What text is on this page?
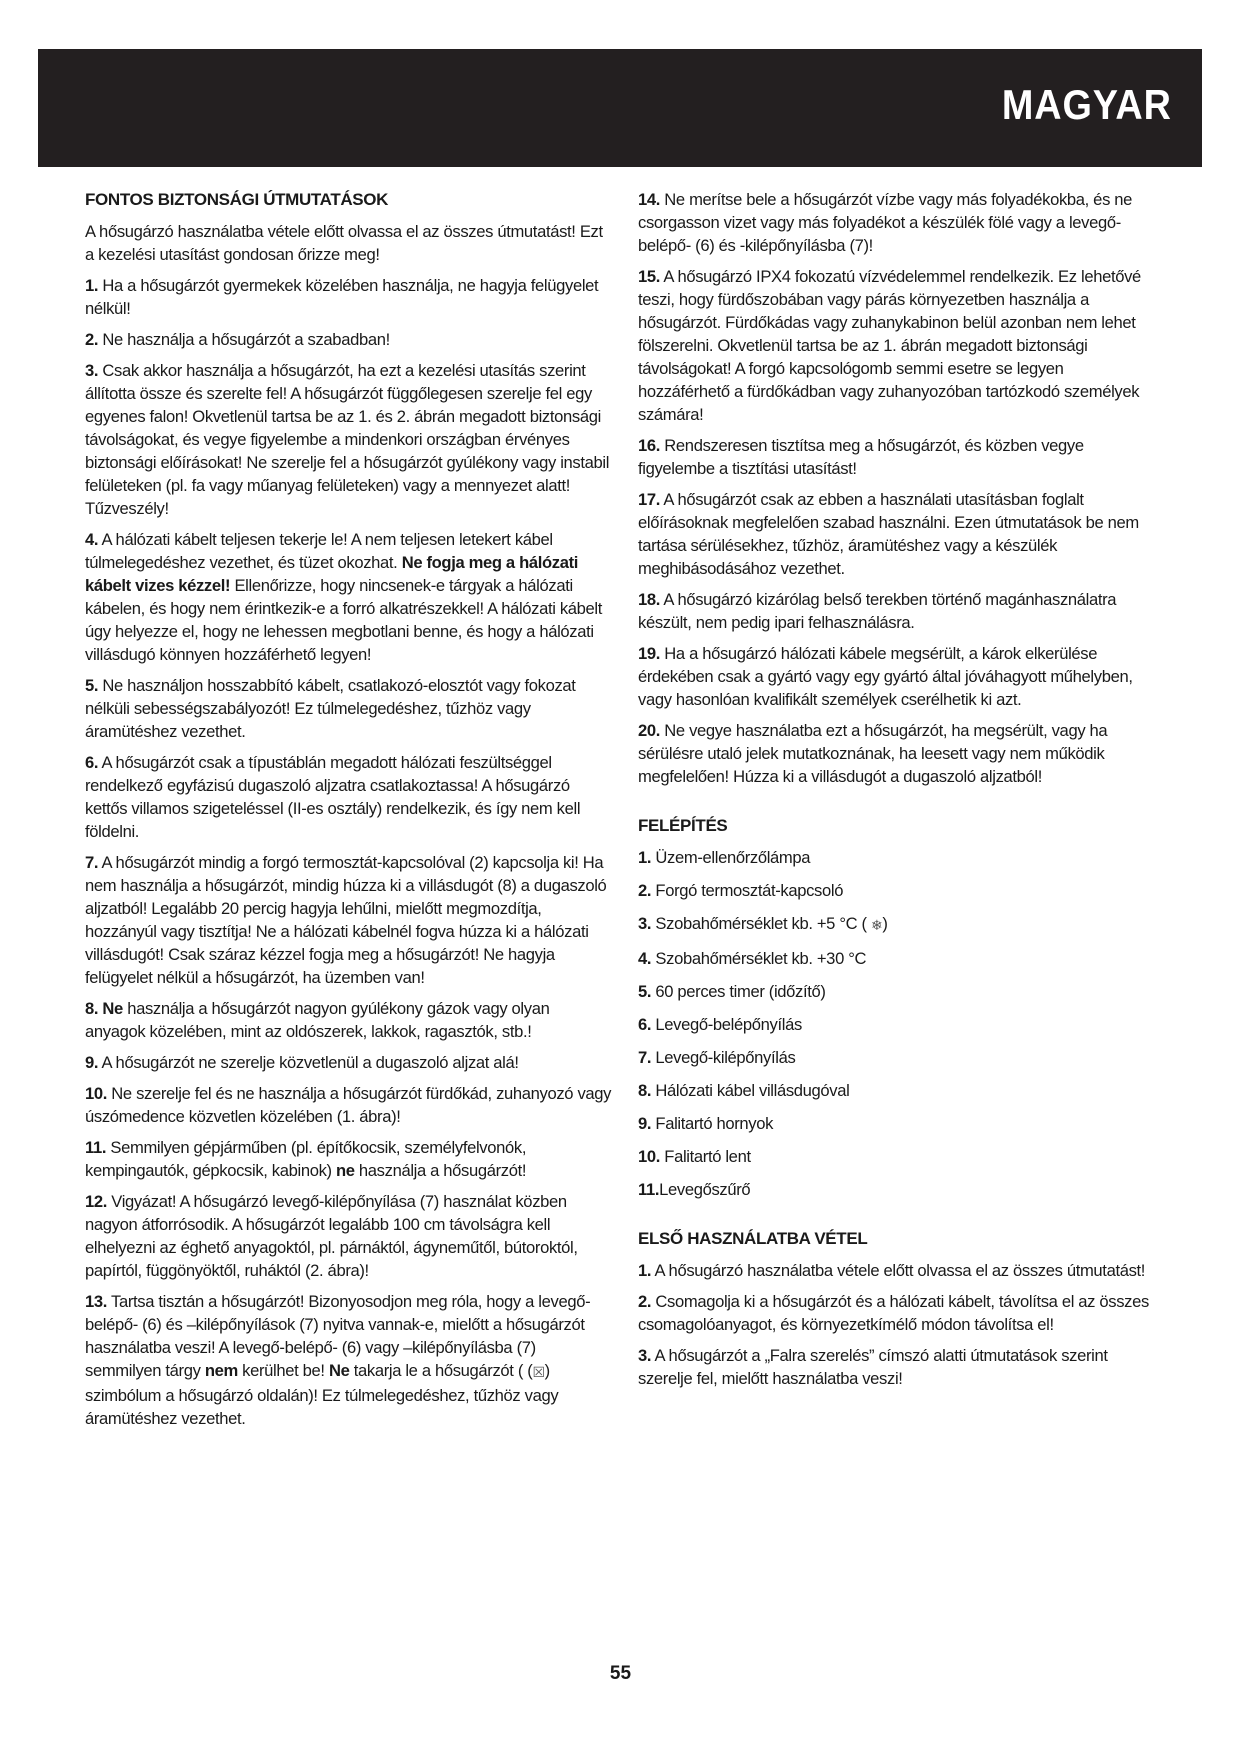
MAGYAR
FONTOS BIZTONSÁGI ÚTMUTATÁSOK
A hősugárzó használatba vétele előtt olvassa el az összes útmutatást! Ezt a kezelési utasítást gondosan őrizze meg!
1. Ha a hősugárzót gyermekek közelében használja, ne hagyja felügyelet nélkül!
2. Ne használja a hősugárzót a szabadban!
3. Csak akkor használja a hősugárzót, ha ezt a kezelési utasítás szerint állította össze és szerelte fel! A hősugárzót függőlegesen szerelje fel egy egyenes falon! Okvetlenül tartsa be az 1. és 2. ábrán megadott biztonsági távolságokat, és vegye figyelembe a mindenkori országban érvényes biztonsági előírásokat! Ne szerelje fel a hősugárzót gyúlékony vagy instabil felületeken (pl. fa vagy műanyag felületeken) vagy a mennyezet alatt! Tűzveszély!
4. A hálózati kábelt teljesen tekerje le! A nem teljesen letekert kábel túlmelegedéshez vezethet, és tüzet okozhat. Ne fogja meg a hálózati kábelt vizes kézzel! Ellenőrizze, hogy nincsenek-e tárgyak a hálózati kábelen, és hogy nem érintkezik-e a forró alkatrészekkel! A hálózati kábelt úgy helyezze el, hogy ne lehessen megbotlani benne, és hogy a hálózati villásdugó könnyen hozzáférhető legyen!
5. Ne használjon hosszabbító kábelt, csatlakozó-elosztót vagy fokozat nélküli sebességszabályozót! Ez túlmelegedéshez, tűzhöz vagy áramütéshez vezethet.
6. A hősugárzót csak a típustáblán megadott hálózati feszültséggel rendelkező egyfázisú dugaszoló aljzatra csatlakoztassa! A hősugárzó kettős villamos szigeteléssel (II-es osztály) rendelkezik, és így nem kell földelni.
7. A hősugárzót mindig a forgó termosztát-kapcsolóval (2) kapcsolja ki! Ha nem használja a hősugárzót, mindig húzza ki a villásdugót (8) a dugaszoló aljzatból! Legalább 20 percig hagyja lehűlni, mielőtt megmozdítja, hozzányúl vagy tisztítja! Ne a hálózati kábelnél fogva húzza ki a hálózati villásdugót! Csak száraz kézzel fogja meg a hősugárzót! Ne hagyja felügyelet nélkül a hősugárzót, ha üzemben van!
8. Ne használja a hősugárzót nagyon gyúlékony gázok vagy olyan anyagok közelében, mint az oldószerek, lakkok, ragasztók, stb.!
9. A hősugárzót ne szerelje közvetlenül a dugaszoló aljzat alá!
10. Ne szerelje fel és ne használja a hősugárzót fürdőkád, zuhanyozó vagy úszómedence közvetlen közelében (1. ábra)!
11. Semmilyen gépjárműben (pl. építőkocsik, személyfelvonók, kempingautók, gépkocsik, kabinok) ne használja a hősugárzót!
12. Vigyázat! A hősugárzó levegő-kilépőnyílása (7) használat közben nagyon átforrósodik. A hősugárzót legalább 100 cm távolságra kell elhelyezni az éghető anyagoktól, pl. párnáktól, ágyneműtől, bútoroktól, papírtól, függönyöktől, ruháktól (2. ábra)!
13. Tartsa tisztán a hősugárzót! Bizonyosodjon meg róla, hogy a levegő-belépő- (6) és –kilépőnyílások (7) nyitva vannak-e, mielőtt a hősugárzót használatba veszi! A levegő-belépő- (6) vagy –kilépőnyílásba (7) semmilyen tárgy nem kerülhet be! Ne takarja le a hősugárzót ( (☒) szimbólum a hősugárzó oldalán)! Ez túlmelegedéshez, tűzhöz vagy áramütéshez vezethet.
14. Ne merítse bele a hősugárzót vízbe vagy más folyadékokba, és ne csorgasson vizet vagy más folyadékot a készülék fölé vagy a levegő-belépő- (6) és -kilépőnyílásba (7)!
15. A hősugárzó IPX4 fokozatú vízvédelemmel rendelkezik. Ez lehetővé teszi, hogy fürdőszobában vagy párás környezetben használja a hősugárzót. Fürdőkádas vagy zuhanykabinon belül azonban nem lehet fölszerelni. Okvetlenül tartsa be az 1. ábrán megadott biztonsági távolságokat! A forgó kapcsológomb semmi esetre se legyen hozzáférhető a fürdőkádban vagy zuhanyozóban tartózkodó személyek számára!
16. Rendszeresen tisztítsa meg a hősugárzót, és közben vegye figyelembe a tisztítási utasítást!
17. A hősugárzót csak az ebben a használati utasításban foglalt előírásoknak megfelelően szabad használni. Ezen útmutatások be nem tartása sérülésekhez, tűzhöz, áramütéshez vagy a készülék meghibásodásához vezethet.
18. A hősugárzó kizárólag belső terekben történő magánhasználatra készült, nem pedig ipari felhasználásra.
19. Ha a hősugárzó hálózati kábele megsérült, a károk elkerülése érdekében csak a gyártó vagy egy gyártó által jóváhagyott műhelyben, vagy hasonlóan kvalifikált személyek cserélhetik ki azt.
20. Ne vegye használatba ezt a hősugárzót, ha megsérült, vagy ha sérülésre utaló jelek mutatkoznának, ha leesett vagy nem működik megfelelően! Húzza ki a villásdugót a dugaszoló aljzatból!
FELÉPÍTÉS
1. Üzem-ellenőrzőlámpa
2. Forgó termosztát-kapcsoló
3. Szobahőmérséklet kb. +5 °C ( ❄)
4. Szobahőmérséklet kb. +30 °C
5. 60 perces timer (időzítő)
6. Levegő-belépőnyílás
7. Levegő-kilépőnyílás
8. Hálózati kábel villásdugóval
9. Falitartó hornyok
10. Falitartó lent
11.Levegőszűrő
ELSŐ HASZNÁLATBA VÉTEL
1. A hősugárzó használatba vétele előtt olvassa el az összes útmutatást!
2. Csomagolja ki a hősugárzót és a hálózati kábelt, távolítsa el az összes csomagolóanyagot, és környezetkímélő módon távolítsa el!
3. A hősugárzót a „Falra szerelés” címszó alatti útmutatások szerint szerelje fel, mielőtt használatba veszi!
55
